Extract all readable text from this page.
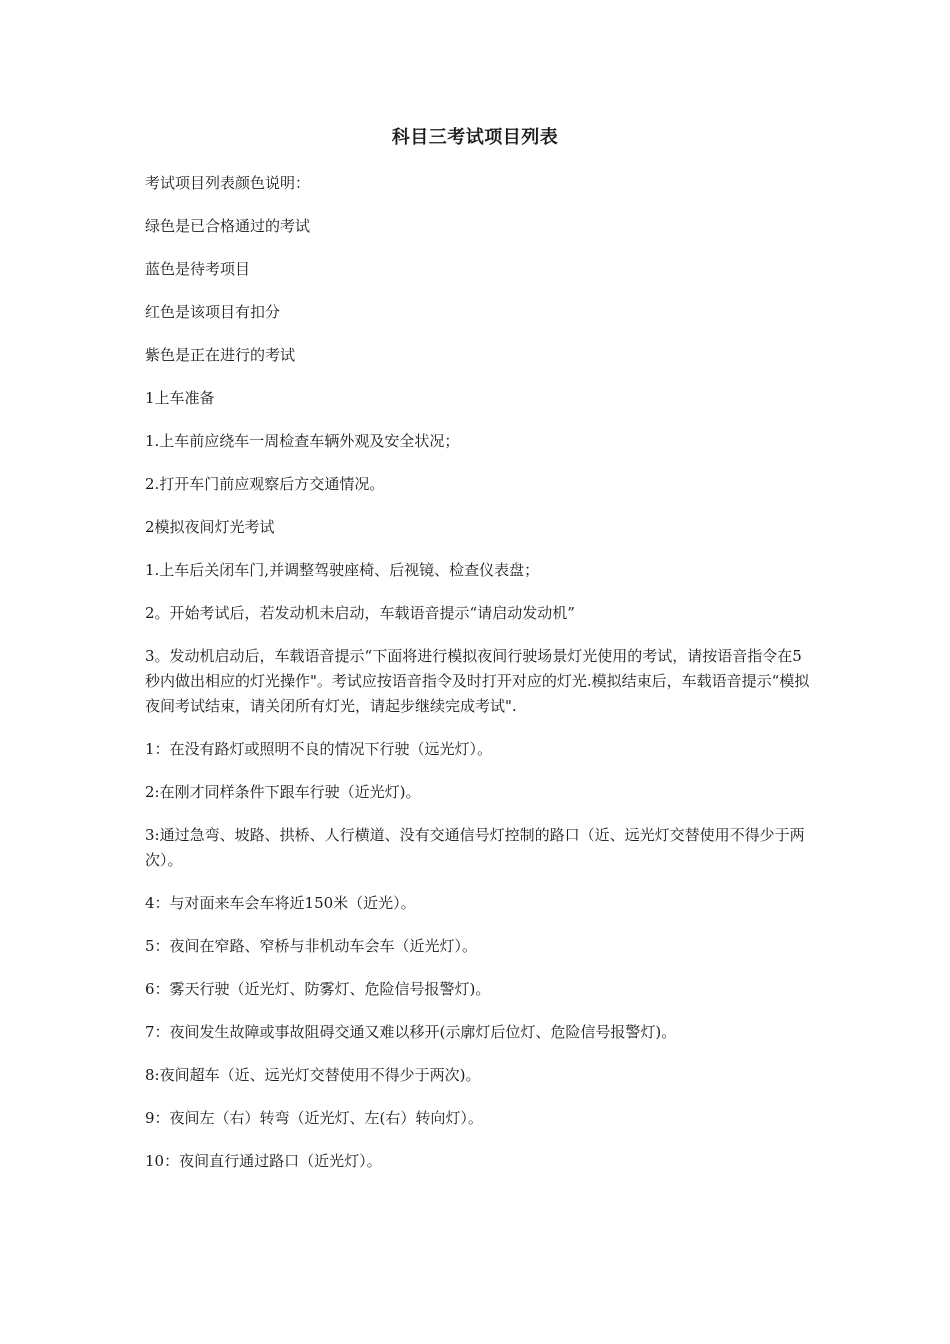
科目三考试项目列表

考试项目列表颜色说明：

绿色是已合格通过的考试

蓝色是待考项目

红色是该项目有扣分

紫色是正在进行的考试

1上车准备

1.上车前应绕车一周检查车辆外观及安全状况；

2.打开车门前应观察后方交通情况。

2模拟夜间灯光考试

1.上车后关闭车门,并调整驾驶座椅、后视镜、检查仪表盘；

2。开始考试后，若发动机未启动，车载语音提示“请启动发动机”

3。发动机启动后，车载语音提示“下面将进行模拟夜间行驶场景灯光使用的考试，请按语音指令在5秒内做出相应的灯光操作"。考试应按语音指令及时打开对应的灯光.模拟结束后，车载语音提示“模拟夜间考试结束，请关闭所有灯光，请起步继续完成考试".

1：在没有路灯或照明不良的情况下行驶（远光灯）。

2:在刚才同样条件下跟车行驶（近光灯)。

3:通过急弯、坡路、拱桥、人行横道、没有交通信号灯控制的路口（近、远光灯交替使用不得少于两次）。

4：与对面来车会车将近150米（近光）。

5：夜间在窄路、窄桥与非机动车会车（近光灯）。

6：雾天行驶（近光灯、防雾灯、危险信号报警灯)。

7：夜间发生故障或事故阻碍交通又难以移开(示廓灯后位灯、危险信号报警灯)。

8:夜间超车（近、远光灯交替使用不得少于两次)。

9：夜间左（右）转弯（近光灯、左(右）转向灯）。

10：夜间直行通过路口（近光灯）。
